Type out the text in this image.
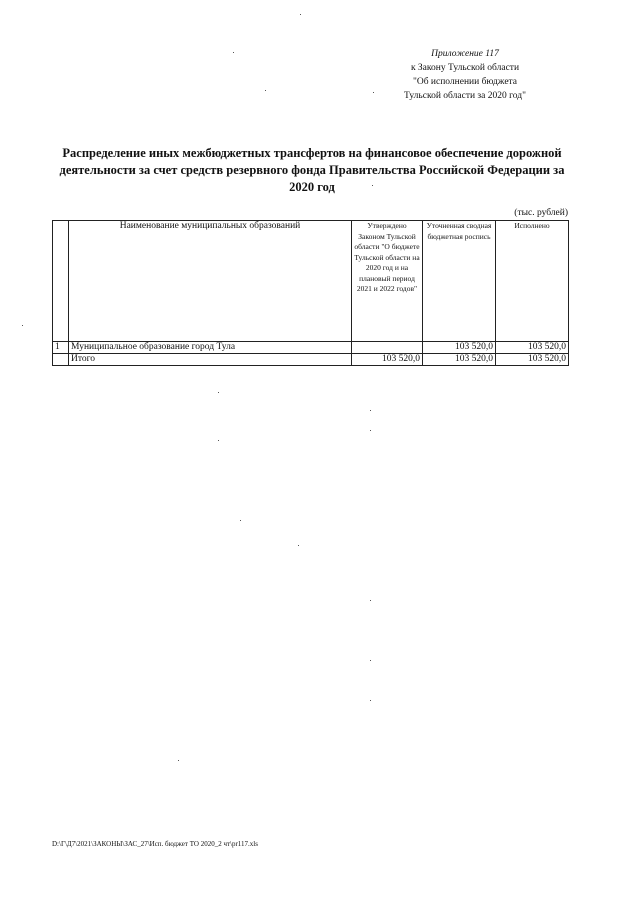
Приложение 117
к Закону Тульской области
"Об исполнении бюджета
Тульской области за 2020 год"
Распределение иных межбюджетных трансфертов на финансовое обеспечение дорожной
деятельности за счет средств резервного фонда Правительства Российской Федерации за
2020 год
(тыс. рублей)
	Наименование муниципальных образований	Утверждено Законом Тульской области "О бюджете Тульской области на 2020 год и на плановый период 2021 и 2022 годов"	Уточненная сводная бюджетная роспись	Исполнено
1	Муниципальное образование город Тула		103 520,0	103 520,0
	Итого	103 520,0	103 520,0	103 520,0
D:\Г\Д7\2021\ЗАКОНЫ\ЗАС_27\Исп. бюджет ТО 2020_2 чт\pr117.xls
